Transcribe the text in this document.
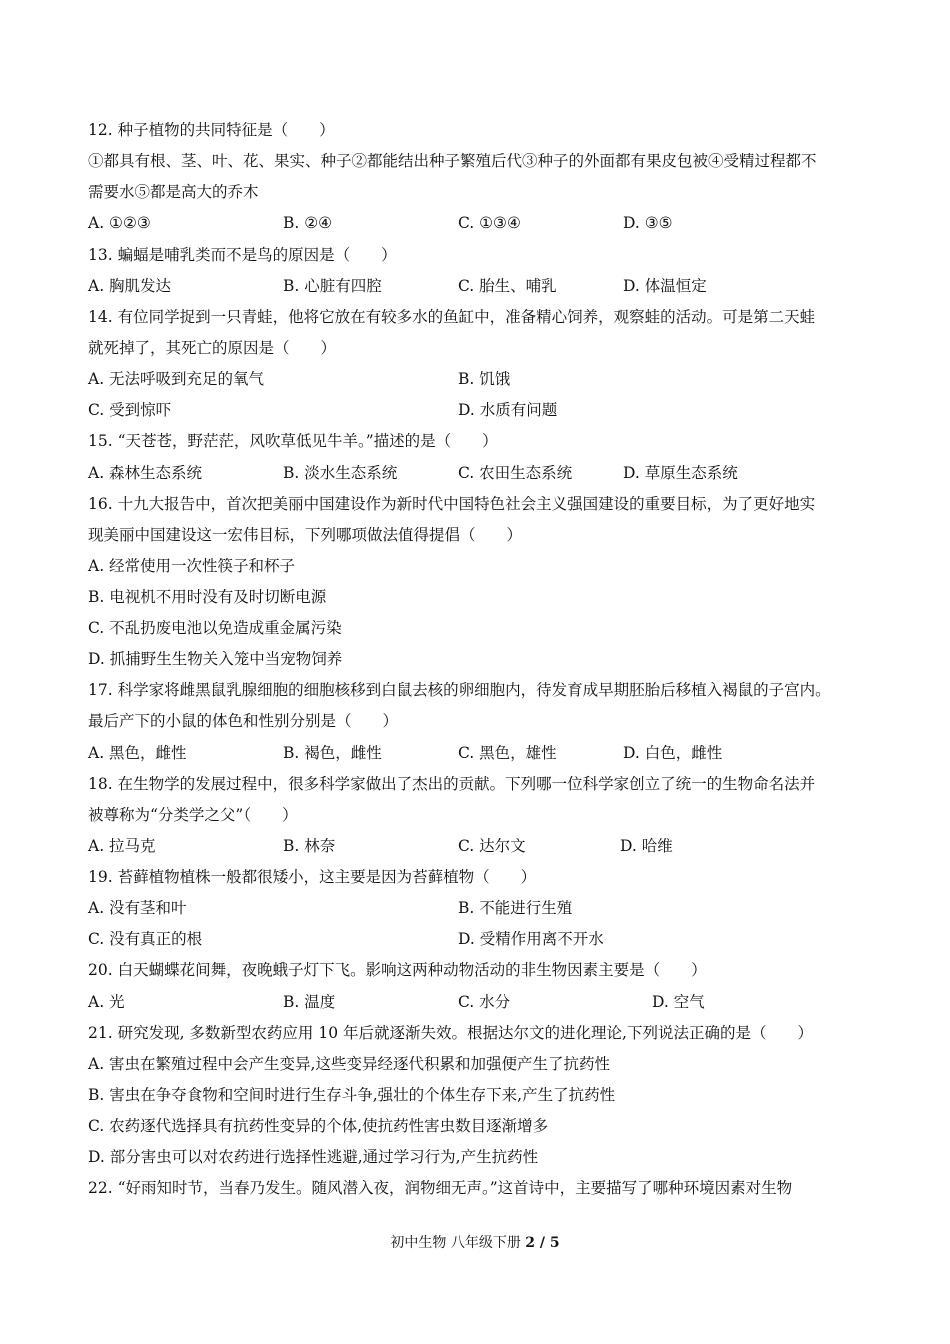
12. 种子植物的共同特征是（　　）
①都具有根、茎、叶、花、果实、种子②都能结出种子繁殖后代③种子的外面都有果皮包被④受精过程都不
需要水⑤都是高大的乔木
A. ①②③	B. ②④	C. ①③④	D. ③⑤
13. 蝙蝠是哺乳类而不是鸟的原因是（　　）
A. 胸肌发达	B. 心脏有四腔	C. 胎生、哺乳	D. 体温恒定
14. 有位同学捉到一只青蛙，他将它放在有较多水的鱼缸中，准备精心饲养，观察蛙的活动。可是第二天蛙
就死掉了，其死亡的原因是（　　）
A. 无法呼吸到充足的氧气	B. 饥饿
C. 受到惊吓	D. 水质有问题
15. “天苍苍，野茫茫，风吹草低见牛羊。”描述的是（　　）
A. 森林生态系统	B. 淡水生态系统	C. 农田生态系统	D. 草原生态系统
16. 十九大报告中，首次把美丽中国建设作为新时代中国特色社会主义强国建设的重要目标，为了更好地实
现美丽中国建设这一宏伟目标，下列哪项做法值得提倡（　　）
A. 经常使用一次性筷子和杯子
B. 电视机不用时没有及时切断电源
C. 不乱扔废电池以免造成重金属污染
D. 抓捕野生生物关入笼中当宠物饲养
17. 科学家将雌黑鼠乳腺细胞的细胞核移到白鼠去核的卵细胞内，待发育成早期胚胎后移植入褐鼠的子宫内。
最后产下的小鼠的体色和性别分别是（　　）
A. 黑色，雌性	B. 褐色，雌性	C. 黑色，雄性	D. 白色，雌性
18. 在生物学的发展过程中，很多科学家做出了杰出的贡献。下列哪一位科学家创立了统一的生物命名法并
被尊称为“分类学之父”（　　）
A. 拉马克	B. 林奈	C. 达尔文	D. 哈维
19. 苔藓植物植株一般都很矮小，这主要是因为苔藓植物（　　）
A. 没有茎和叶	B. 不能进行生殖
C. 没有真正的根	D. 受精作用离不开水
20. 白天蝴蝶花间舞，夜晚蛾子灯下飞。影响这两种动物活动的非生物因素主要是（　　）
A. 光	B. 温度	C. 水分	D. 空气
21. 研究发现, 多数新型农药应用 10 年后就逐渐失效。根据达尔文的进化理论,下列说法正确的是（　　）
A. 害虫在繁殖过程中会产生变异,这些变异经逐代积累和加强便产生了抗药性
B. 害虫在争夺食物和空间时进行生存斗争,强壮的个体生存下来,产生了抗药性
C. 农药逐代选择具有抗药性变异的个体,使抗药性害虫数目逐渐增多
D. 部分害虫可以对农药进行选择性逃避,通过学习行为,产生抗药性
22. “好雨知时节，当春乃发生。随风潜入夜，润物细无声。”这首诗中，主要描写了哪种环境因素对生物
初中生物 八年级下册 2 / 5
